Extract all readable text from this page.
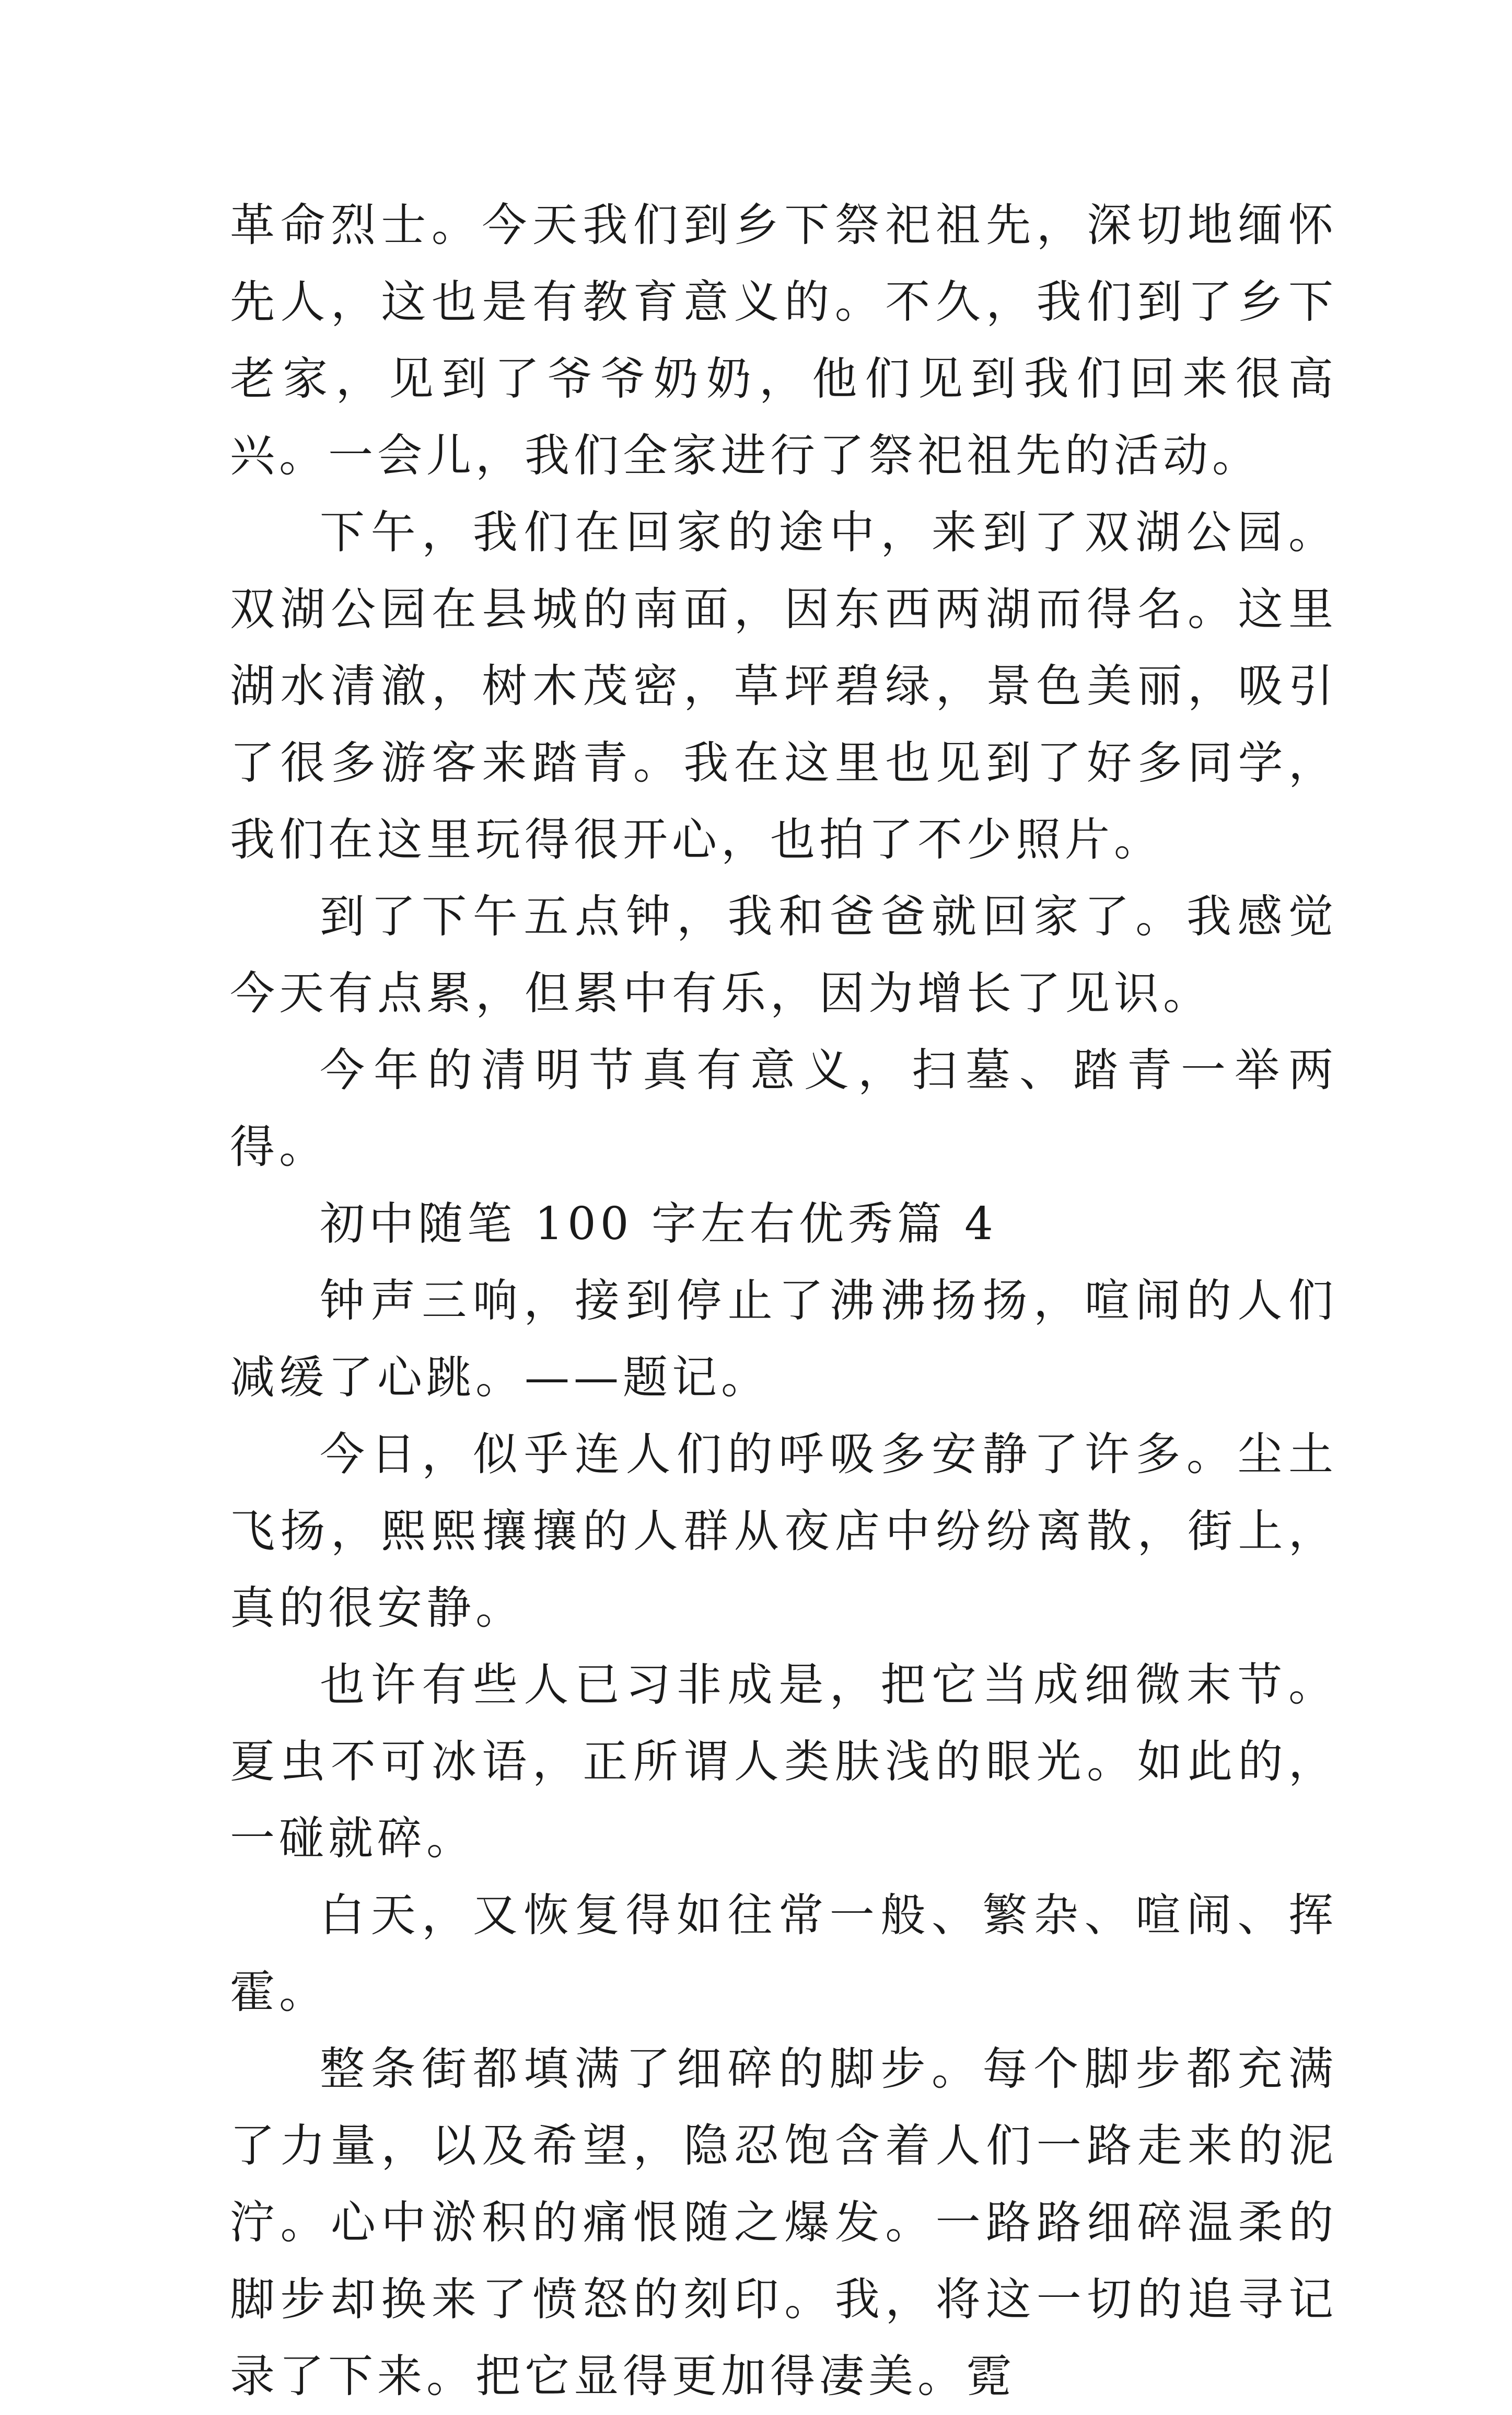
革命烈士。今天我们到乡下祭祀祖先，深切地缅怀先人，这也是有教育意义的。不久，我们到了乡下老家，见到了爷爷奶奶，他们见到我们回来很高兴。一会儿，我们全家进行了祭祀祖先的活动。

下午，我们在回家的途中，来到了双湖公园。双湖公园在县城的南面，因东西两湖而得名。这里湖水清澈，树木茂密，草坪碧绿，景色美丽，吸引了很多游客来踏青。我在这里也见到了好多同学，我们在这里玩得很开心，也拍了不少照片。

到了下午五点钟，我和爸爸就回家了。我感觉今天有点累，但累中有乐，因为增长了见识。

今年的清明节真有意义，扫墓、踏青一举两得。

初中随笔 100 字左右优秀篇 4

钟声三响，接到停止了沸沸扬扬，喧闹的人们减缓了心跳。——题记。

今日，似乎连人们的呼吸多安静了许多。尘土飞扬，熙熙攘攘的人群从夜店中纷纷离散，街上，真的很安静。

也许有些人已习非成是，把它当成细微末节。夏虫不可冰语，正所谓人类肤浅的眼光。如此的，一碰就碎。

白天，又恢复得如往常一般、繁杂、喧闹、挥霍。

整条街都填满了细碎的脚步。每个脚步都充满了力量，以及希望，隐忍饱含着人们一路走来的泥泞。心中淤积的痛恨随之爆发。一路路细碎温柔的脚步却换来了愤怒的刻印。我，将这一切的追寻记录了下来。把它显得更加得凄美。霓
